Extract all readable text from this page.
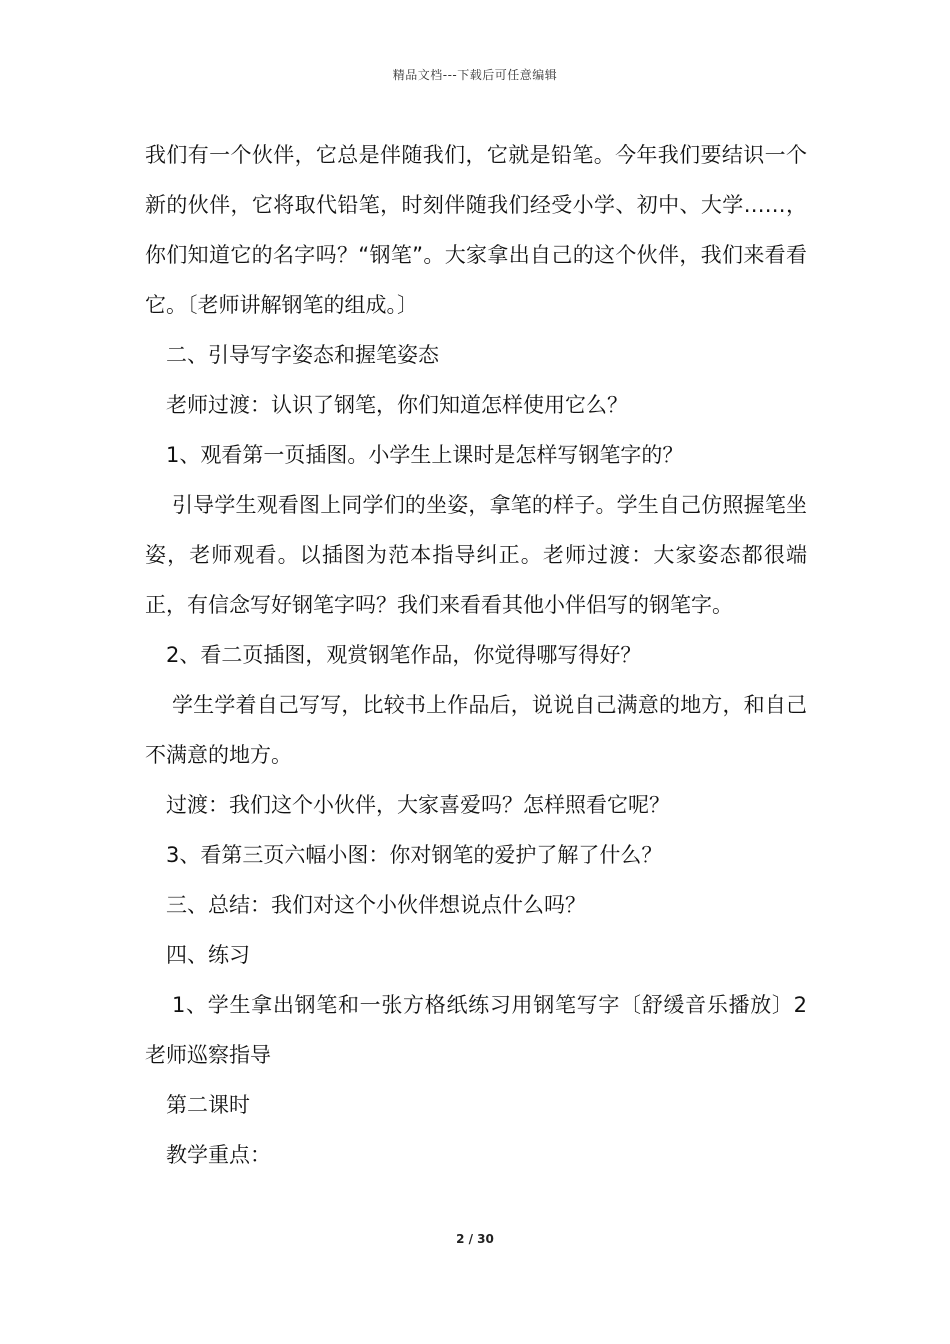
精品文档---下载后可任意编辑

我们有一个伙伴，它总是伴随我们，它就是铅笔。今年我们要结识一个新的伙伴，它将取代铅笔，时刻伴随我们经受小学、初中、大学……，你们知道它的名字吗？“钢笔”。大家拿出自己的这个伙伴，我们来看看它。〔老师讲解钢笔的组成。〕

二、引导写字姿态和握笔姿态

老师过渡：认识了钢笔，你们知道怎样使用它么？

1、观看第一页插图。小学生上课时是怎样写钢笔字的？

引导学生观看图上同学们的坐姿，拿笔的样子。学生自己仿照握笔坐姿，老师观看。以插图为范本指导纠正。老师过渡：大家姿态都很端正，有信念写好钢笔字吗？我们来看看其他小伴侣写的钢笔字。

2、看二页插图，观赏钢笔作品，你觉得哪写得好？

学生学着自己写写，比较书上作品后，说说自己满意的地方，和自己不满意的地方。

过渡：我们这个小伙伴，大家喜爱吗？怎样照看它呢？

3、看第三页六幅小图：你对钢笔的爱护了解了什么？

三、总结：我们对这个小伙伴想说点什么吗？

四、练习

1、学生拿出钢笔和一张方格纸练习用钢笔写字〔舒缓音乐播放〕2 老师巡察指导

第二课时

教学重点：

2 / 30
